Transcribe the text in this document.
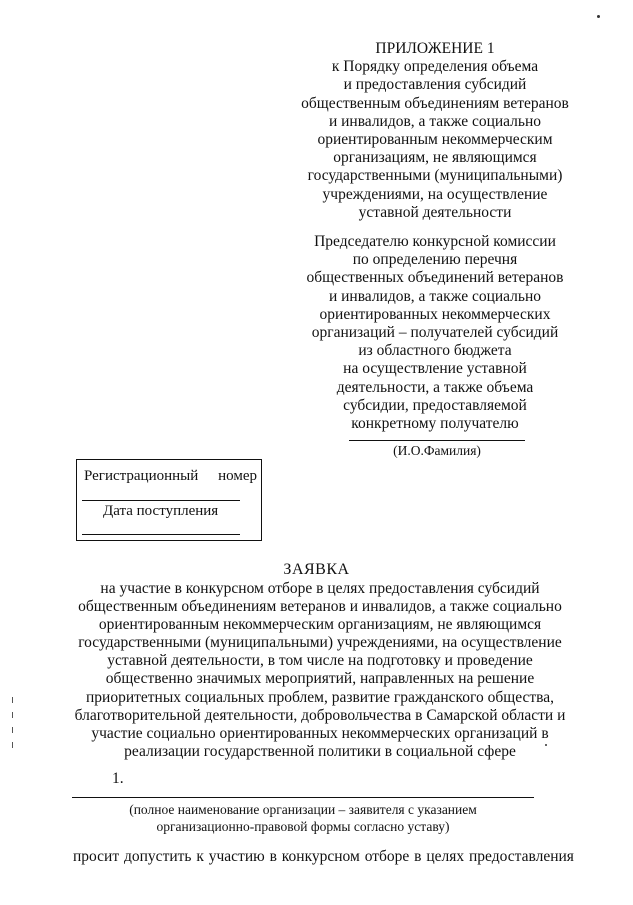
ПРИЛОЖЕНИЕ 1
к Порядку определения объема
и предоставления субсидий
общественным объединениям ветеранов
и инвалидов, а также социально
ориентированным некоммерческим
организациям, не являющимся
государственными (муниципальными)
учреждениями, на осуществление
уставной деятельности
Председателю конкурсной комиссии
по определению перечня
общественных объединений ветеранов
и инвалидов, а также социально
ориентированных некоммерческих
организаций – получателей субсидий
из областного бюджета
на осуществление уставной
деятельности, а также объема
субсидии, предоставляемой
конкретному получателю
(И.О.Фамилия)
Регистрационный номер
Дата поступления
ЗАЯВКА
на участие в конкурсном отборе в целях предоставления субсидий
общественным объединениям ветеранов и инвалидов, а также социально
ориентированным некоммерческим организациям, не являющимся
государственными (муниципальными) учреждениями, на осуществление
уставной деятельности, в том числе на подготовку и проведение
общественно значимых мероприятий, направленных на решение
приоритетных социальных проблем, развитие гражданского общества,
благотворительной деятельности, добровольчества в Самарской области и
участие социально ориентированных некоммерческих организаций в
реализации государственной политики в социальной сфере
1.
(полное наименование организации – заявителя с указанием
организационно-правовой формы согласно уставу)
просит допустить к участию в конкурсном отборе в целях предоставления
